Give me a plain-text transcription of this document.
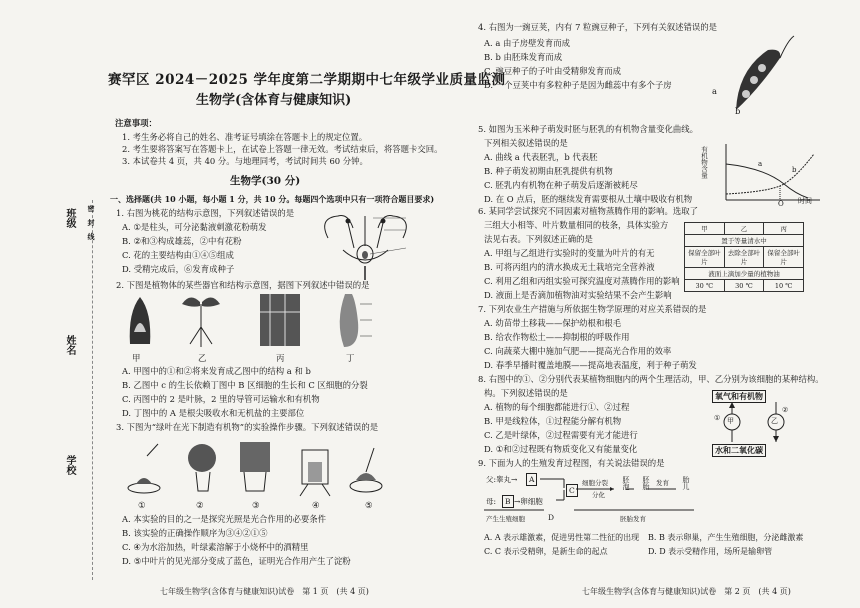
班级
姓名
学校
密　封　线
赛罕区 2024－2025 学年度第二学期期中七年级学业质量监测
生物学(含体育与健康知识)
注意事项：
1. 考生务必将自己的姓名、准考证号填涂在答题卡上的规定位置。
2. 考生要将答案写在答题卡上，在试卷上答题一律无效。考试结束后，将答题卡交回。
3. 本试卷共 4 页，共 40 分。与地理同考，考试时间共 60 分钟。
生物学(30 分)
一、选择题(共 10 小题，每小题 1 分，共 10 分。每题四个选项中只有一项符合题目要求)
1. 右图为桃花的结构示意图，下列叙述错误的是
A. ①是柱头，可分泌黏液刺激花粉萌发
B. ②和③构成雄蕊，②中有花粉
C. 花的主要结构由①④⑤组成
D. 受精完成后，⑥发育成种子
2. 下图是植物体的某些器官和结构示意图，据图下列叙述中错误的是
甲	乙	丙	丁
A. 甲图中的①和②将来发育成乙图中的结构 a 和 b
B. 乙图中 c 的生长依赖丁图中 B 区细胞的生长和 C 区细胞的分裂
C. 丙图中的 2 是叶脉，2 里的导管可运输水和有机物
D. 丁图中的 A 是根尖吸收水和无机盐的主要部位
3. 下图为“绿叶在光下制造有机物”的实验操作步骤。下列叙述错误的是
①	②	③	④	⑤
A. 本实验的目的之一是探究光照是光合作用的必要条件
B. 该实验的正确操作顺序为③④②①⑤
C. ④为水浴加热，叶绿素溶解于小烧杯中的酒精里
D. ⑤中叶片的见光部分变成了蓝色，证明光合作用产生了淀粉
七年级生物学(含体育与健康知识)试卷　第 1 页　(共 4 页)
4. 右图为一豌豆荚，内有 7 粒豌豆种子，下列有关叙述错误的是
A. a 由子房壁发育而成
B. b 由胚珠发育而成
C. 豌豆种子的子叶由受精卵发育而成
D. 一个豆荚中有多粒种子是因为雌蕊中有多个子房
a
b
5. 如图为玉米种子萌发时胚与胚乳的有机物含量变化曲线。
下列相关叙述错误的是
A. 曲线 a 代表胚乳，b 代表胚
B. 种子萌发初期由胚乳提供有机物
C. 胚乳内有机物在种子萌发后逐渐被耗尽
D. 在 O 点后，胚的继续发育需要根从土壤中吸收有机物
有机物含量
时间
a
b
O
6. 某同学尝试探究不同因素对植物蒸腾作用的影响。选取了
三组大小相等、叶片数量相同的枝条，具体实验方
法见右表。下列叙述正确的是
A. 甲组与乙组进行实验时的变量为叶片的有无
B. 可将丙组内的清水换成无土栽培完全营养液
C. 利用乙组和丙组实验可探究温度对蒸腾作用的影响
D. 液面上是否滴加植物油对实验结果不会产生影响
甲	乙	丙
置于等量清水中		
保留全部叶片	去除全部叶片	保留全部叶片
液面上滴加少量的植物油		
30 ℃	30 ℃	10 ℃
7. 下列农业生产措施与所依据生物学原理的对应关系错误的是
A. 幼苗带土移栽——保护幼根和根毛
B. 给农作物松土——抑制根的呼吸作用
C. 向蔬菜大棚中施加气肥——提高光合作用的效率
D. 春季早播时覆盖地膜——提高地表温度，利于种子萌发
8. 右图中的①、②分别代表某植物细胞内的两个生理活动，甲、乙分别为该细胞的某种结构。
构。下列叙述错误的是
A. 植物的每个细胞都能进行①、②过程
B. 甲是线粒体，①过程能分解有机物
C. 乙是叶绿体，②过程需要有光才能进行
D. ①和②过程既有物质变化又有能量变化
氧气和有机物
水和二氧化碳
甲	乙
①
②
9. 下面为人的生殖发育过程图，有关说法错误的是
父:睾丸→	A
母:	B →卵细胞
C
细胞分裂
分化
胚泡 胚胎 发育 胎儿
D
产生生殖细胞	胚胎发育
A. A 表示雄激素，促进男性第二性征的出现 B. B 表示卵巢，产生生殖细胞，分泌雌激素
C. C 表示受精卵，是新生命的起点	D. D 表示受精作用，场所是输卵管
七年级生物学(含体育与健康知识)试卷　第 2 页　(共 4 页)
